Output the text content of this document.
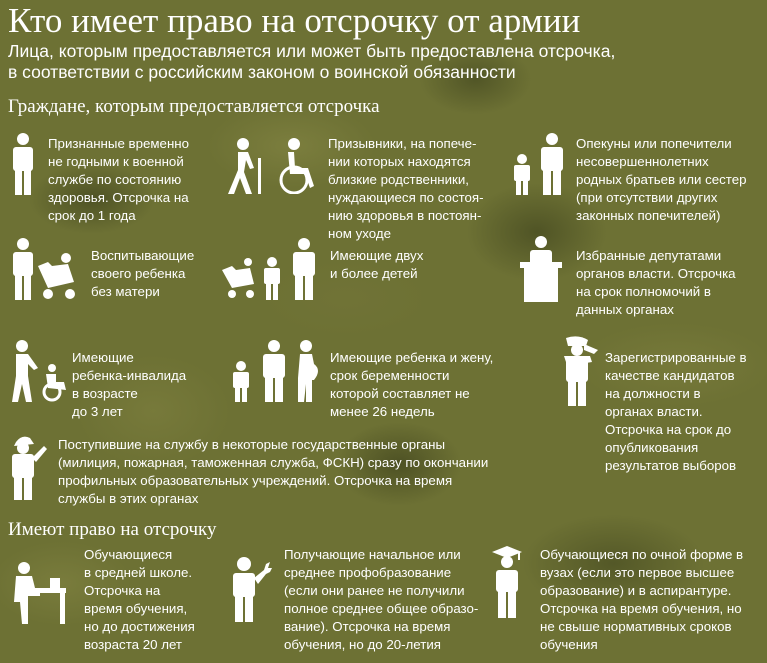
Кто имеет право на отсрочку от армии
Лица, которым предоставляется или может быть предоставлена отсрочка,
в соответствии с российским законом о воинской обязанности
Граждане, которым предоставляется отсрочка
Признанные временно
не годными к военной
службе по состоянию
здоровья. Отсрочка на
срок до 1 года
Призывники, на попече-
нии которых находятся
близкие родственники,
нуждающиеся по состоя-
нию здоровья в постоян-
ном уходе
Опекуны или попечители
несовершеннолетних
родных братьев или сестер
(при отсутствии других
законных попечителей)
Воспитывающие
своего ребенка
без матери
Имеющие двух
и более детей
Избранные депутатами
органов власти. Отсрочка
на срок полномочий в
данных органах
Имеющие
ребенка-инвалида
в возрасте
до 3 лет
Имеющие ребенка и жену,
срок беременности
которой составляет не
менее 26 недель
Зарегистрированные в
качестве кандидатов
на должности в
органах власти.
Отсрочка на срок до
опубликования
результатов выборов
Поступившие на службу в некоторые государственные органы
(милиция, пожарная, таможенная служба, ФСКН) сразу по окончании
профильных образовательных учреждений. Отсрочка на время
службы в этих органах
Имеют право на отсрочку
Обучающиеся
в средней школе.
Отсрочка на
время обучения,
но до достижения
возраста 20 лет
Получающие начальное или
среднее профобразование
(если они ранее не получили
полное среднее общее образо-
вание). Отсрочка на время
обучения, но до 20-летия
Обучающиеся по очной форме в
вузах (если это первое высшее
образование) и в аспирантуре.
Отсрочка на время обучения, но
не свыше нормативных сроков
обучения
